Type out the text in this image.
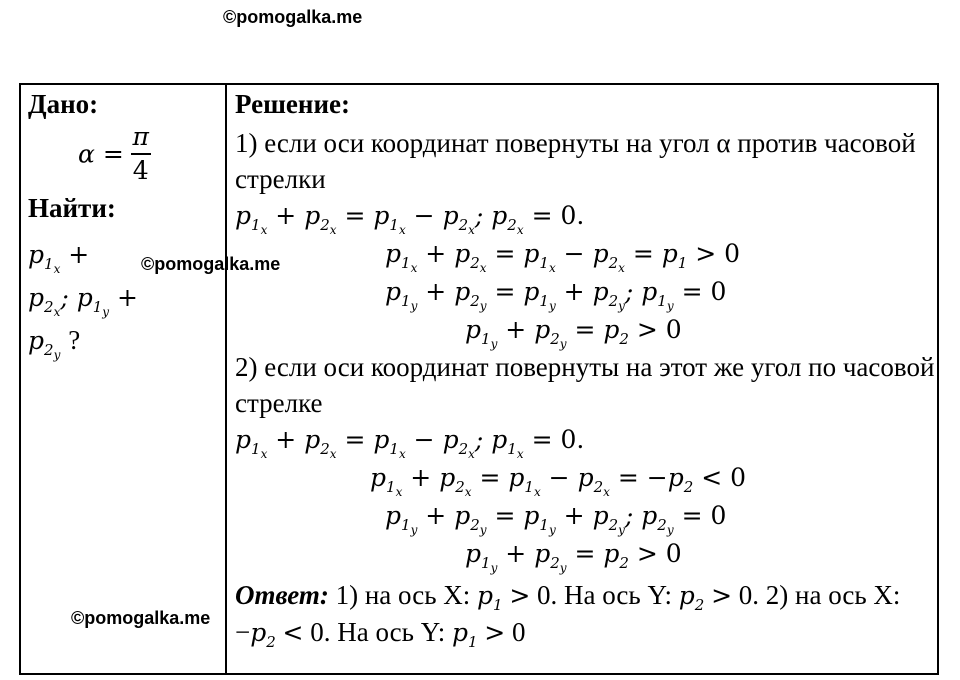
©pomogalka.me
©pomogalka.me
©pomogalka.me
Дано:
$\alpha = \frac{\pi}{4}$
Найти:
$p_{1_x}$ +
$p_{2_x}$; $p_{1_y}$ +
$p_{2_y}$ ?
Решение:
1) если оси координат повернуты на угол α против часовой стрелки
$p_{1_x} + p_{2_x} = p_{1_x} - p_{2_x}$; $p_{2_x} = 0$.
$p_{1_x} + p_{2_x} = p_{1_x} - p_{2_x} = p_1 > 0$
$p_{1_y} + p_{2_y} = p_{1_y} + p_{2_y}$; $p_{1_y} = 0$
$p_{1_y} + p_{2_y} = p_2 > 0$
2) если оси координат повернуты на этот же угол по часовой стрелке
$p_{1_x} + p_{2_x} = p_{1_x} - p_{2_x}$; $p_{1_x} = 0$.
$p_{1_x} + p_{2_x} = p_{1_x} - p_{2_x} = -p_2 < 0$
$p_{1_y} + p_{2_y} = p_{1_y} + p_{2_y}$; $p_{2_y} = 0$
$p_{1_y} + p_{2_y} = p_2 > 0$
Ответ: 1) на ось X: $p_1 > 0$. На ось Y: $p_2 > 0$. 2) на ось X: $-p_2 < 0$. На ось Y: $p_1 > 0$
